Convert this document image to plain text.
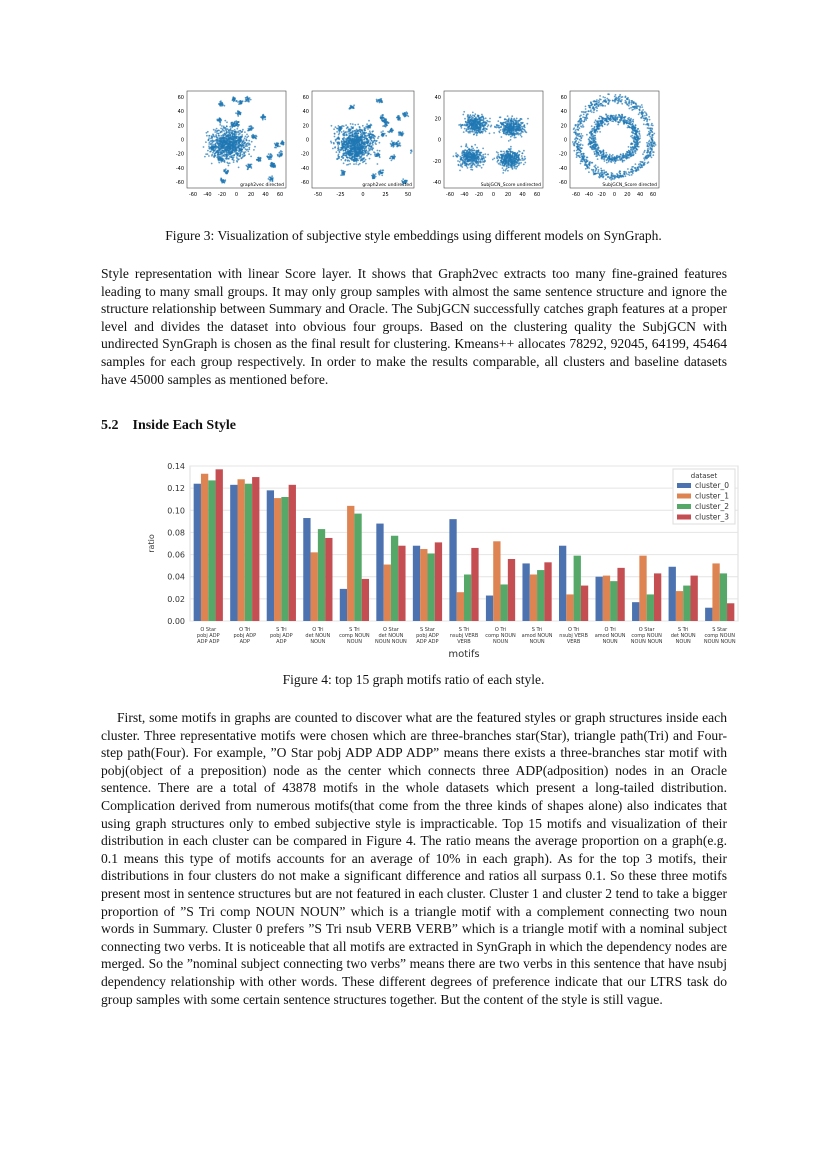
60
40
20
0
-20
-40
-60
-60 -40 -20 0 20 40 60
graph2vec directed
60
40
20
0
-20
-40
-60
-50	-25	0	25	50
graph2vec undirected
40
20
0
-20
-40
-60 -40 -20 0 20 40 60
SubjGCN_Score undirected
60
40
20
0
-20
-40
-60
-60 -40 -20 0 20 40 60
SubjGCN_Score directed
Figure 3: Visualization of subjective style embeddings using different models on SynGraph.

Style representation with linear Score layer. It shows that Graph2vec extracts too many fine-grained features leading to many small groups. It may only group samples with almost the same sentence structure and ignore the structure relationship between Summary and Oracle. The SubjGCN successfully catches graph features at a proper level and divides the dataset into obvious four groups. Based on the clustering quality the SubjGCN with undirected SynGraph is chosen as the final result for clustering. Kmeans++ allocates 78292, 92045, 64199, 45464 samples for each group respectively. In order to make the results comparable, all clusters and baseline datasets have 45000 samples as mentioned before.

5.2 Inside Each Style
0.00
0.02
0.04
0.06
0.08
0.10
0.12
0.14
O Star
pobj ADP
ADP ADP
O Tri
pobj ADP
ADP
S Tri
pobj ADP
ADP
O Tri
det NOUN
NOUN
S Tri
comp NOUN
NOUN
O Star
det NOUN
NOUN NOUN
S Star
pobj ADP
ADP ADP
S Tri
nsubj VERB
VERB
O Tri
comp NOUN
NOUN
S Tri
amod NOUN
NOUN
O Tri
nsubj VERB
VERB
O Tri
amod NOUN
NOUN
O Star
comp NOUN
NOUN NOUN
S Tri
det NOUN
NOUN
S Star
comp NOUN
NOUN NOUN
motifs
ratio
dataset
cluster_0
cluster_1
cluster_2
cluster_3
Figure 4: top 15 graph motifs ratio of each style.

First, some motifs in graphs are counted to discover what are the featured styles or graph structures inside each cluster. Three representative motifs were chosen which are three-branches star(Star), triangle path(Tri) and Four-step path(Four). For example, ”O Star pobj ADP ADP ADP” means there exists a three-branches star motif with pobj(object of a preposition) node as the center which connects three ADP(adposition) nodes in an Oracle sentence. There are a total of 43878 motifs in the whole datasets which present a long-tailed distribution. Complication derived from numerous motifs(that come from the three kinds of shapes alone) also indicates that using graph structures only to embed subjective style is impracticable. Top 15 motifs and visualization of their distribution in each cluster can be compared in Figure 4. The ratio means the average proportion on a graph(e.g. 0.1 means this type of motifs accounts for an average of 10% in each graph). As for the top 3 motifs, their distributions in four clusters do not make a significant difference and ratios all surpass 0.1. So these three motifs present most in sentence structures but are not featured in each cluster. Cluster 1 and cluster 2 tend to take a bigger proportion of ”S Tri comp NOUN NOUN” which is a triangle motif with a complement connecting two noun words in Summary. Cluster 0 prefers ”S Tri nsub VERB VERB” which is a triangle motif with a nominal subject connecting two verbs. It is noticeable that all motifs are extracted in SynGraph in which the dependency nodes are merged. So the ”nominal subject connecting two verbs” means there are two verbs in this sentence that have nsubj dependency relationship with other words. These different degrees of preference indicate that our LTRS task do group samples with some certain sentence structures together. But the content of the style is still vague.
